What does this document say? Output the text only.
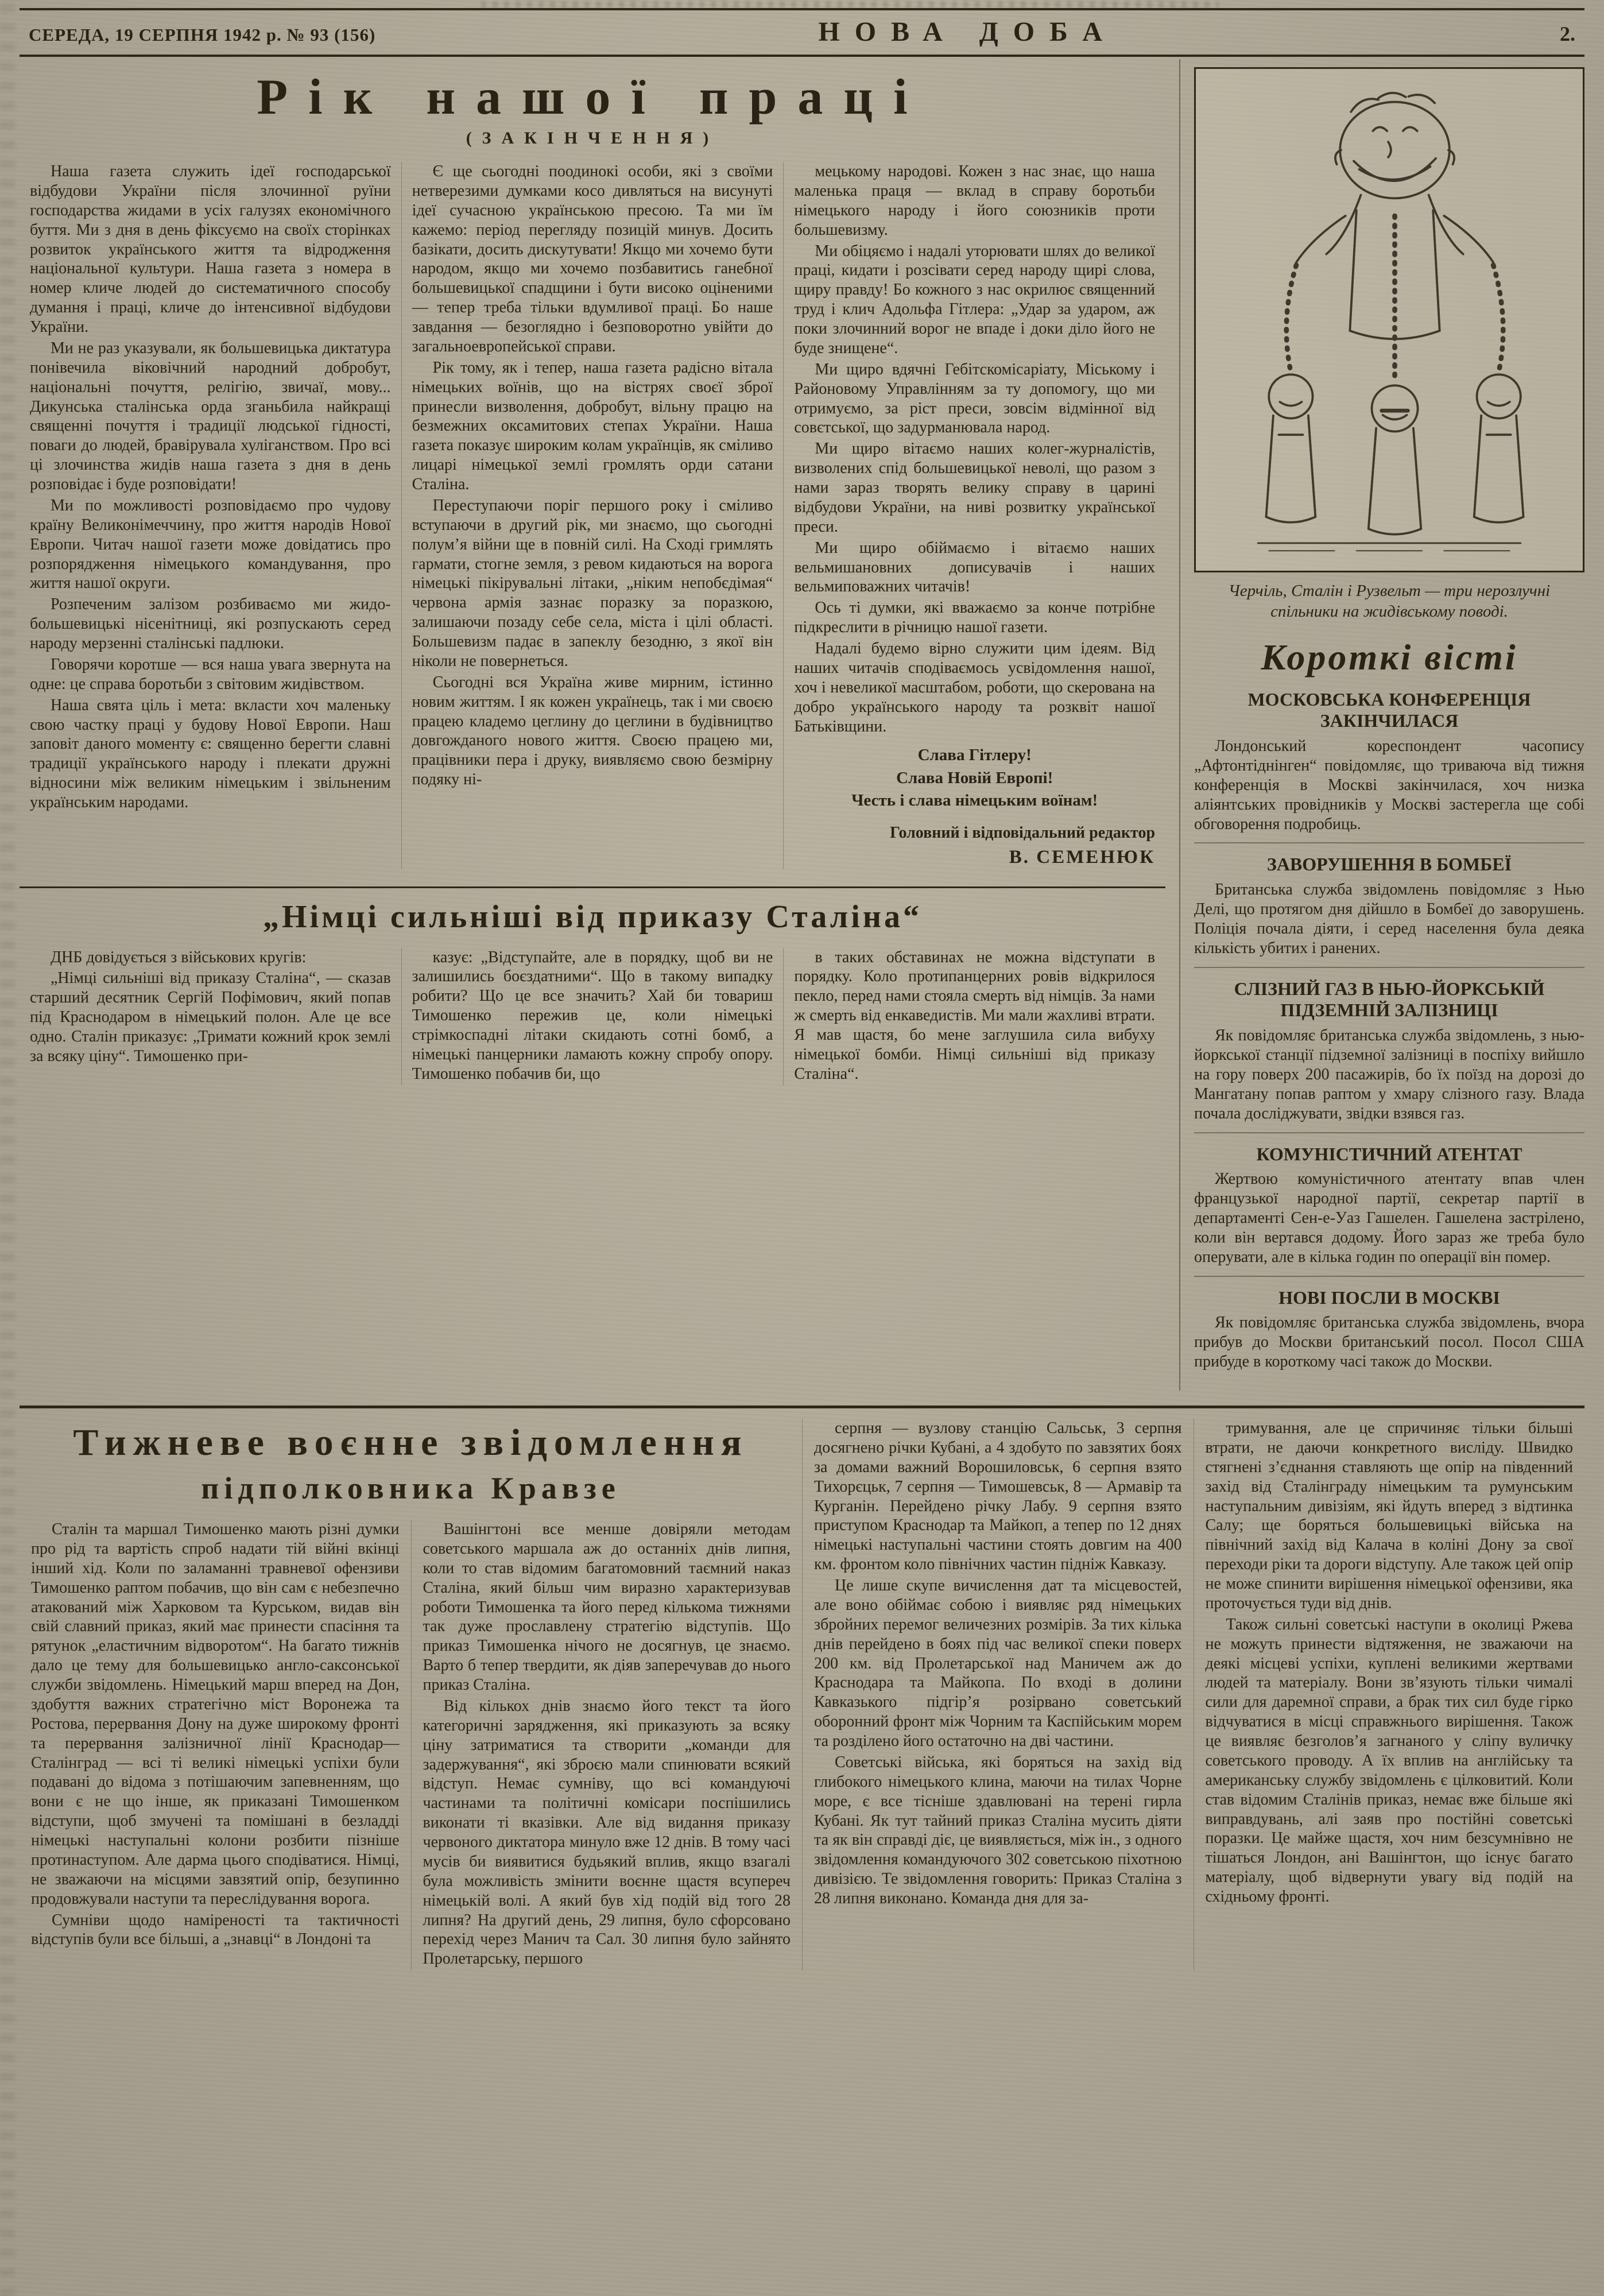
СЕРЕДА, 19 СЕРПНЯ 1942 р. № 93 (156)	НОВА ДОБА	2.
Рік нашої праці
(ЗАКІНЧЕННЯ)

Наша газета служить ідеї господарської відбудови України після злочинної руїни господарства жидами в усіх галузях економічного буття. Ми з дня в день фіксуємо на своїх сторінках розвиток українського життя та відродження національної культури. Наша газета з номера в номер кличе людей до систематичного способу думання і праці, кличе до інтенсивної відбудови України.

Ми не раз указували, як большевицька диктатура понівечила віковічний народний добробут, національні почуття, релігію, звичаї, мову... Дикунська сталінська орда зганьбила найкращі священні почуття і традиції людської гідності, поваги до людей, бравірувала хуліганством. Про всі ці злочинства жидів наша газета з дня в день розповідає і буде розповідати!

Ми по можливості розповідаємо про чудову країну Великонімеччину, про життя народів Нової Европи. Читач нашої газети може довідатись про розпорядження німецького командування, про життя нашої округи.

Розпеченим залізом розбиваємо ми жидо-большевицькі нісенітниці, які розпускають серед народу мерзенні сталінські падлюки.

Говорячи коротше — вся наша увага звернута на одне: це справа боротьби з світовим жидівством.

Наша свята ціль і мета: вкласти хоч маленьку свою частку праці у будову Нової Европи. Наш заповіт даного моменту є: священно берегти славні традиції українського народу і плекати дружні відносини між великим німецьким і звільненим українським народами.

Є ще сьогодні поодинокі особи, які з своїми нетверезими думками косо дивляться на висунуті ідеї сучасною українською пресою. Та ми їм кажемо: період перегляду позицій минув. Досить базікати, досить дискутувати! Якщо ми хочемо бути народом, якщо ми хочемо позбавитись ганебної большевицької спадщини і бути високо оціненими — тепер треба тільки вдумливої праці. Бо наше завдання — безоглядно і безповоротно увійти до загальноевропейської справи.

Рік тому, як і тепер, наша газета радісно вітала німецьких воїнів, що на вістрях своєї зброї принесли визволення, добробут, вільну працю на безмежних оксамитових степах України. Наша газета показує широким колам українців, як сміливо лицарі німецької землі громлять орди сатани Сталіна.

Переступаючи поріг першого року і сміливо вступаючи в другий рік, ми знаємо, що сьогодні полум’я війни ще в повній силі. На Сході гримлять гармати, стогне земля, з ревом кидаються на ворога німецькі пікірувальні літаки, „ніким непобєдімая“ червона армія зазнає поразку за поразкою, залишаючи позаду себе села, міста і цілі області. Большевизм падає в запеклу безодню, з якої він ніколи не повернеться.

Сьогодні вся Україна живе мирним, істинно новим життям. І як кожен українець, так і ми своєю працею кладемо цеглину до цеглини в будівництво довгожданого нового життя. Своєю працею ми, працівники пера і друку, виявляємо свою безмірну подяку ні-

мецькому народові. Кожен з нас знає, що наша маленька праця — вклад в справу боротьби німецького народу і його союзників проти большевизму.

Ми обіцяємо і надалі уторювати шлях до великої праці, кидати і розсівати серед народу щирі слова, щиру правду! Бо кожного з нас окрилює священний труд і клич Адольфа Гітлера: „Удар за ударом, аж поки злочинний ворог не впаде і доки діло його не буде знищене“.

Ми щиро вдячні Гебітскомісаріату, Міському і Районовому Управлінням за ту допомогу, що ми отримуємо, за ріст преси, зовсім відмінної від совєтської, що задурманювала народ.

Ми щиро вітаємо наших колег-журналістів, визволених спід большевицької неволі, що разом з нами зараз творять велику справу в царині відбудови України, на ниві розвитку української преси.

Ми щиро обіймаємо і вітаємо наших вельмишановних дописувачів і наших вельмиповажних читачів!

Ось ті думки, які вважаємо за конче потрібне підкреслити в річницю нашої газети.

Надалі будемо вірно служити цим ідеям. Від наших читачів сподіваємось усвідомлення нашої, хоч і невеликої масштабом, роботи, що скерована на добро українського народу та розквіт нашої Батьківщини.

Слава Гітлеру!
Слава Новій Европі!
Честь і слава німецьким воїнам!
Головний і відповідальний редактор
В. СЕМЕНЮК
„Німці сильніші від приказу Сталіна“

ДНБ довідується з військових кругів:

„Німці сильніші від приказу Сталіна“, — сказав старший десятник Сергій Пофімович, який попав під Краснодаром в німецький полон. Але це все одно. Сталін приказує: „Тримати кожний крок землі за всяку ціну“. Тимошенко при-

казує: „Відступайте, але в порядку, щоб ви не залишились боєздатними“. Що в такому випадку робити? Що це все значить? Хай би товариш Тимошенко пережив це, коли німецькі стрімкоспадні літаки скидають сотні бомб, а німецькі панцерники ламають кожну спробу опору. Тимошенко побачив би, що

в таких обставинах не можна відступати в порядку. Коло протипанцерних ровів відкрилося пекло, перед нами стояла смерть від німців. За нами ж смерть від енкаведистів. Ми мали жахливі втрати. Я мав щастя, бо мене заглушила сила вибуху німецької бомби. Німці сильніші від приказу Сталіна“.

Черчіль, Сталін і Рузвельт — три нерозлучні спільники на жидівському поводі.
Короткі вісті
МОСКОВСЬКА КОНФЕРЕНЦІЯ ЗАКІНЧИЛАСЯ
Лондонський кореспондент часопису „Афтонтіднінген“ повідомляє, що триваюча від тижня конференція в Москві закінчилася, хоч низка аліянтських провідників у Москві застерегла ще собі обговорення подробиць.
ЗАВОРУШЕННЯ В БОМБЕЇ
Британська служба звідомлень повідомляє з Нью Делі, що протягом дня дійшло в Бомбеї до заворушень. Поліція почала діяти, і серед населення була деяка кількість убитих і ранених.
СЛІЗНИЙ ГАЗ В НЬЮ-ЙОРКСЬКІЙ ПІДЗЕМНІЙ ЗАЛІЗНИЦІ
Як повідомляє британська служба звідомлень, з нью-йоркської станції підземної залізниці в поспіху вийшло на гору поверх 200 пасажирів, бо їх поїзд на дорозі до Мангатану попав раптом у хмару слізного газу. Влада почала досліджувати, звідки взявся газ.
КОМУНІСТИЧНИЙ АТЕНТАТ
Жертвою комуністичного атентату впав член французької народної партії, секретар партії в департаменті Сен-е-Уаз Гашелен. Гашелена застрілено, коли він вертався додому. Його зараз же треба було оперувати, але в кілька годин по операції він помер.
НОВІ ПОСЛИ В МОСКВІ
Як повідомляє британська служба звідомлень, вчора прибув до Москви британський посол. Посол США прибуде в короткому часі також до Москви.
Тижневе воєнне звідомлення
підполковника Кравзе

Сталін та маршал Тимошенко мають різні думки про рід та вартість спроб надати тій війні вкінці інший хід. Коли по заламанні травневої офензиви Тимошенко раптом побачив, що він сам є небезпечно атакований між Харковом та Курськом, видав він свій славний приказ, який має принести спасіння та рятунок „еластичним відворотом“. На багато тижнів дало це тему для большевицько англо-саксонської служби звідомлень. Німецький марш вперед на Дон, здобуття важних стратегічно міст Воронежа та Ростова, перервання Дону на дуже широкому фронті та перервання залізничної лінії Краснодар—Сталінград — всі ті великі німецькі успіхи були подавані до відома з потішаючим запевненням, що вони є не що інше, як приказані Тимошенком відступи, щоб змучені та помішані в безладді німецькі наступальні колони розбити пізніше протинаступом. Але дарма цього сподіватися. Німці, не зважаючи на місцями завзятий опір, безупинно продовжували наступи та переслідування ворога.

Сумніви щодо наміреності та тактичності відступів були все більші, а „знавці“ в Лондоні та

Вашінгтоні все менше довіряли методам советського маршала аж до останніх днів липня, коли то став відомим багатомовний таємний наказ Сталіна, який більш чим виразно характеризував роботи Тимошенка та його перед кількома тижнями так дуже прославлену стратегію відступів. Що приказ Тимошенка нічого не досягнув, це знаємо. Варто б тепер твердити, як діяв заперечував до нього приказ Сталіна.

Від кількох днів знаємо його текст та його категоричні зарядження, які приказують за всяку ціну затриматися та створити „команди для задержування“, які зброєю мали спинювати всякий відступ. Немає сумніву, що всі командуючі частинами та політичні комісари поспішились виконати ті вказівки. Але від видання приказу червоного диктатора минуло вже 12 днів. В тому часі мусів би виявитися будьякий вплив, якщо взагалі була можливість змінити воєнне щастя всупереч німецькій волі. А який був хід подій від того 28 липня? На другий день, 29 липня, було сфорсовано перехід через Манич та Сал. 30 липня було зайнято Пролетарську, першого

серпня — вузлову станцію Сальськ, 3 серпня досягнено річки Кубані, а 4 здобуто по завзятих боях за домами важний Ворошиловськ, 6 серпня взято Тихорєцьк, 7 серпня — Тимошевськ, 8 — Армавір та Курганін. Перейдено річку Лабу. 9 серпня взято приступом Краснодар та Майкоп, а тепер по 12 днях німецькі наступальні частини стоять довгим на 400 км. фронтом коло північних частин підніж Кавказу.

Це лише скупе вичислення дат та місцевостей, але воно обіймає собою і виявляє ряд німецьких збройних перемог величезних розмірів. За тих кілька днів перейдено в боях під час великої спеки поверх 200 км. від Пролетарської над Маничем аж до Краснодара та Майкопа. По вході в долини Кавказького підгір’я розірвано советський оборонний фронт між Чорним та Каспійським морем та розділено його остаточно на дві частини.

Советські війська, які боряться на захід від глибокого німецького клина, маючи на тилах Чорне море, є все тісніше здавлювані на терені гирла Кубані. Як тут тайний приказ Сталіна мусить діяти та як він справді діє, це виявляється, між ін., з одного звідомлення командуючого 302 советською піхотною дивізією. Те звідомлення говорить: Приказ Сталіна з 28 липня виконано. Команда дня для за-

тримування, але це спричиняє тільки більші втрати, не даючи конкретного висліду. Швидко стягнені з’єднання ставляють ще опір на південний захід від Сталінграду німецьким та румунським наступальним дивізіям, які йдуть вперед з відтинка Салу; ще боряться большевицькі війська на північний захід від Калача в коліні Дону за свої переходи ріки та дороги відступу. Але також цей опір не може спинити вирішення німецької офензиви, яка проточується туди від днів.

Також сильні советські наступи в околиці Ржева не можуть принести відтяження, не зважаючи на деякі місцеві успіхи, куплені великими жертвами людей та матеріалу. Вони зв’язують тільки чималі сили для даремної справи, а брак тих сил буде гірко відчуватися в місці справжнього вирішення. Також це виявляє безголов’я загнаного у сліпу вуличку советського проводу. А їх вплив на англійську та американську службу звідомлень є цілковитий. Коли став відомим Сталінів приказ, немає вже більше які виправдувань, алі заяв про постійні советські поразки. Це майже щастя, хоч ним безсумнівно не тішаться Лондон, ані Вашінгтон, що існує багато матеріалу, щоб відвернути увагу від подій на східньому фронті.
